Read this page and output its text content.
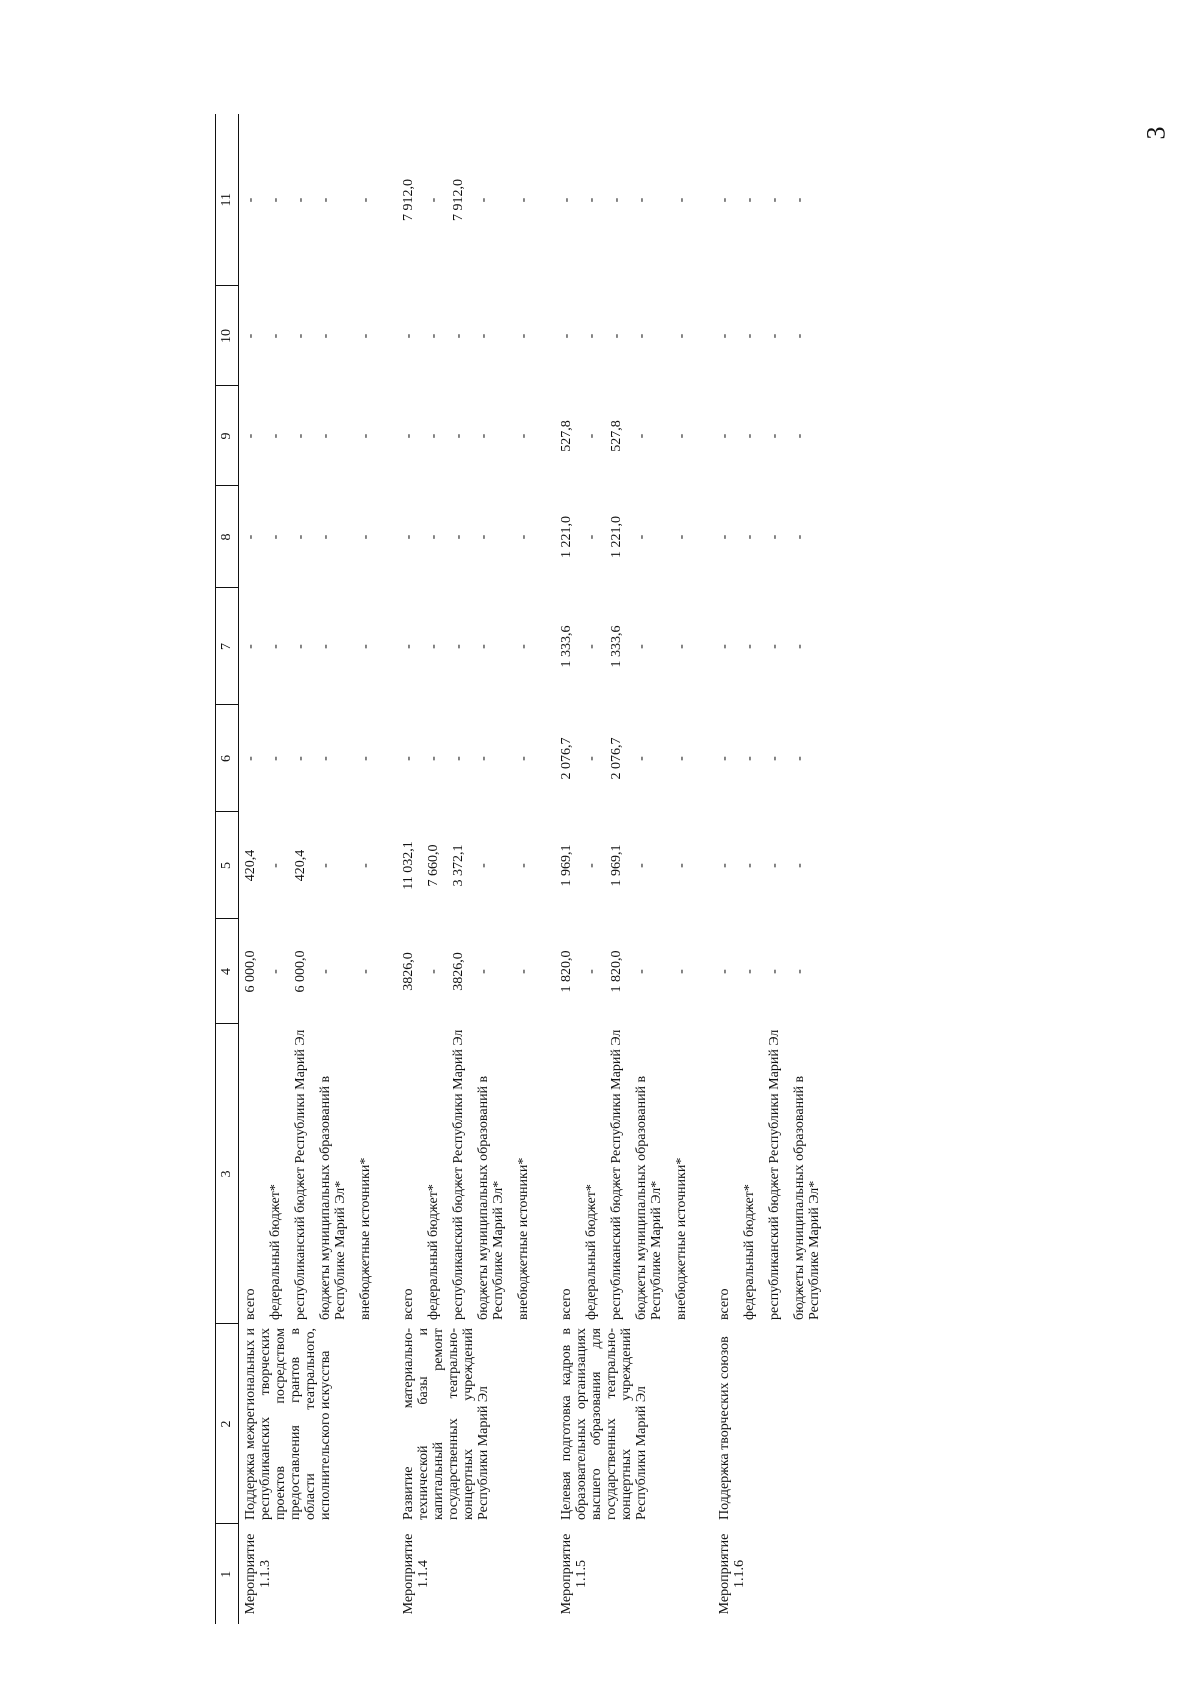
3
1	2	3	4	5	6	7	8	9	10	11
Мероприятие 1.1.3	Поддержка межрегиональных и республиканских творческих проектов посредством предоставления грантов в области театрального, исполнительского искусства	всего	6 000,0	420,4	-	-	-	-	-	-
		федеральный бюджет*	-	-	-	-	-	-	-	-
		республиканский бюджет Республики Марий Эл	6 000,0	420,4	-	-	-	-	-	-
		бюджеты муниципальных образований в Республике Марий Эл*	-	-	-	-	-	-	-	-
		внебюджетные источники*	-	-	-	-	-	-	-	-

Мероприятие 1.1.4	Развитие материально-технической базы и капитальный ремонт государственных театрально-концертных учреждений Республики Марий Эл	всего	3826,0	11 032,1	-	-	-	-	-	7 912,0
		федеральный бюджет*	-	7 660,0	-	-	-	-	-	-
		республиканский бюджет Республики Марий Эл	3826,0	3 372,1	-	-	-	-	-	7 912,0
		бюджеты муниципальных образований в Республике Марий Эл*	-	-	-	-	-	-	-	-
		внебюджетные источники*	-	-	-	-	-	-	-	-

Мероприятие 1.1.5	Целевая подготовка кадров в образовательных организациях высшего образования для государственных театрально-концертных учреждений Республики Марий Эл	всего	1 820,0	1 969,1	2 076,7	1 333,6	1 221,0	527,8	-	-
		федеральный бюджет*	-	-	-	-	-	-	-	-
		республиканский бюджет Республики Марий Эл	1 820,0	1 969,1	2 076,7	1 333,6	1 221,0	527,8	-	-
		бюджеты муниципальных образований в Республике Марий Эл*	-	-	-	-	-	-	-	-
		внебюджетные источники*	-	-	-	-	-	-	-	-

Мероприятие 1.1.6	Поддержка творческих союзов	всего	-	-	-	-	-	-	-	-
		федеральный бюджет*	-	-	-	-	-	-	-	-
		республиканский бюджет Республики Марий Эл	-	-	-	-	-	-	-	-
		бюджеты муниципальных образований в Республике Марий Эл*	-	-	-	-	-	-	-	-
